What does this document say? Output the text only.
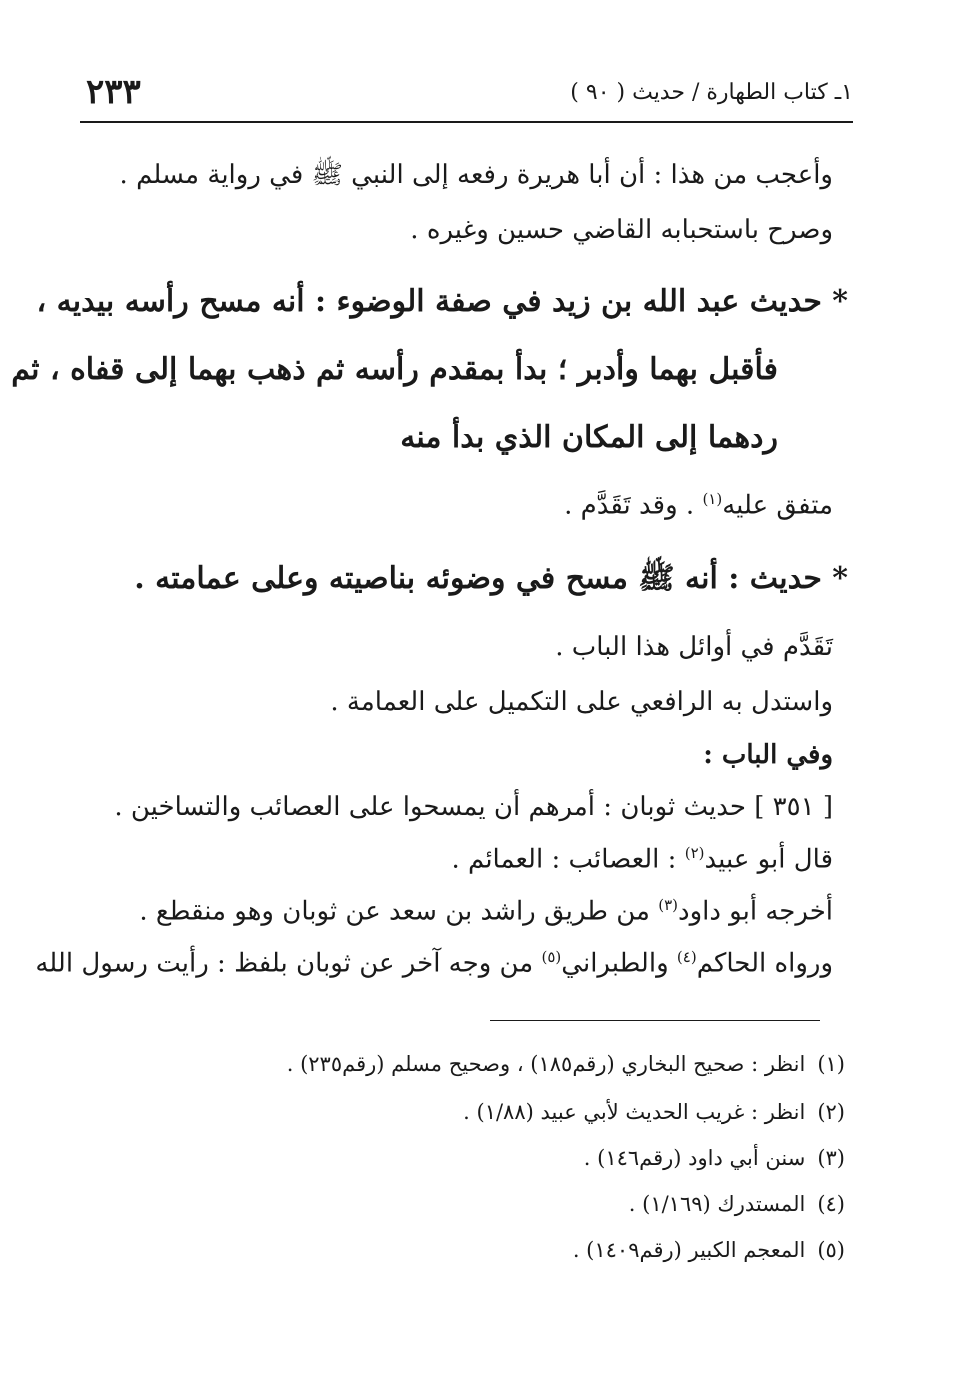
١ـ كتاب الطهارة / حديث ( ٩٠ )
٢٣٣
وأعجب من هذا : أن أبا هريرة رفعه إلى النبي ﷺ في رواية مسلم .
وصرح باستحبابه القاضي حسين وغيره .
* حديث عبد الله بن زيد في صفة الوضوء : أنه مسح رأسه بيديه ،
فأقبل بهما وأدبر ؛ بدأ بمقدم رأسه ثم ذهب بهما إلى قفاه ، ثم
ردهما إلى المكان الذي بدأ منه
متفق عليه$^{(١)}$ . وقد تَقَدَّم .
* حديث : أنه ﷺ مسح في وضوئه بناصيته وعلى عمامته .
تَقَدَّم في أوائل هذا الباب .
واستدل به الرافعي على التكميل على العمامة .
وفي الباب :
[ ٣٥١ ] حديث ثوبان : أمرهم أن يمسحوا على العصائب والتساخين .
قال أبو عبيد$^{(٢)}$ : العصائب : العمائم .
أخرجه أبو داود$^{(٣)}$ من طريق راشد بن سعد عن ثوبان وهو منقطع .
ورواه الحاكم$^{(٤)}$ والطبراني$^{(٥)}$ من وجه آخر عن ثوبان بلفظ : رأيت رسول الله
(١)انظر : صحيح البخاري (رقم١٨٥) ، وصحيح مسلم (رقم٢٣٥) .
(٢)انظر : غريب الحديث لأبي عبيد (١/٨٨) .
(٣)سنن أبي داود (رقم١٤٦) .
(٤)المستدرك (١/١٦٩) .
(٥)المعجم الكبير (رقم١٤٠٩) .
